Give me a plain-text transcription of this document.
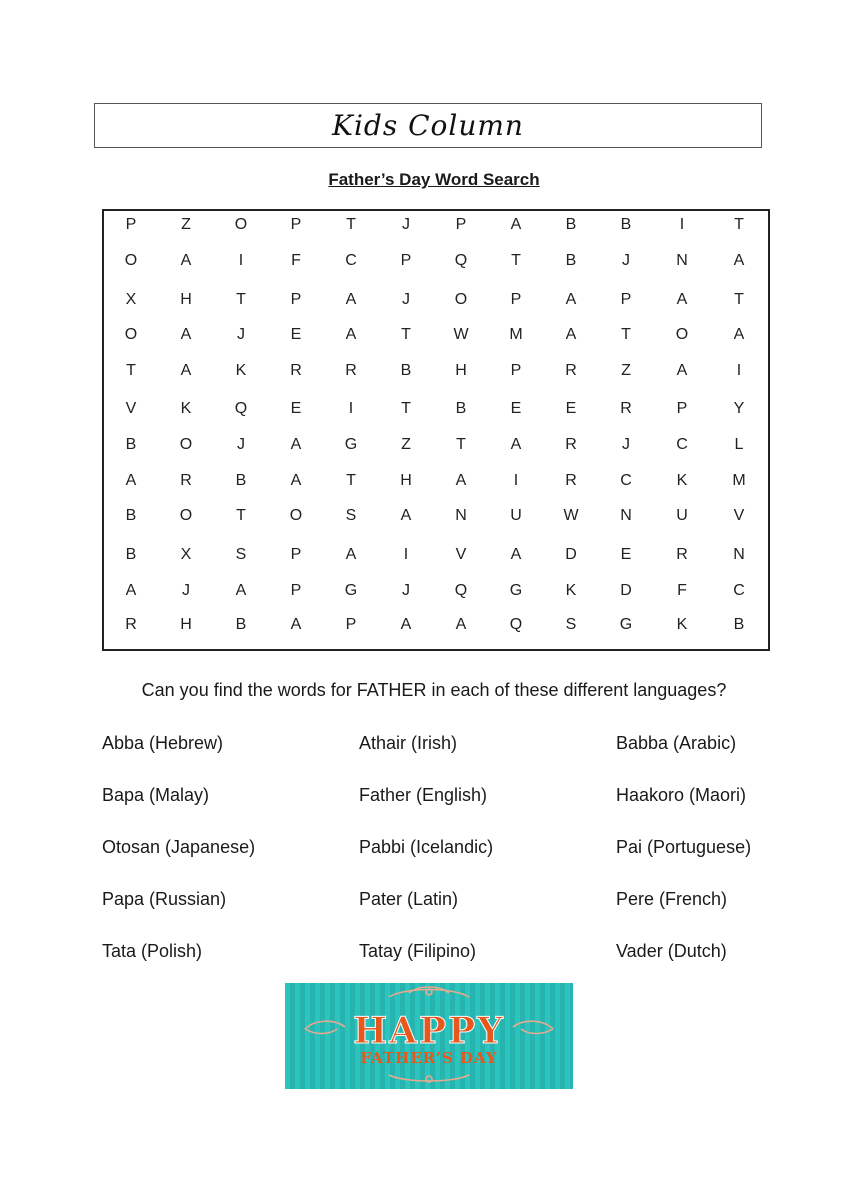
Kids Column
Father’s Day Word Search
P	Z	O	P	T	J	P	A	B	B	I	T
O	A	I	F	C	P	Q	T	B	J	N	A
X	H	T	P	A	J	O	P	A	P	A	T
O	A	J	E	A	T	W	M	A	T	O	A
T	A	K	R	R	B	H	P	R	Z	A	I
V	K	Q	E	I	T	B	E	E	R	P	Y
B	O	J	A	G	Z	T	A	R	J	C	L
A	R	B	A	T	H	A	I	R	C	K	M
B	O	T	O	S	A	N	U	W	N	U	V
B	X	S	P	A	I	V	A	D	E	R	N
A	J	A	P	G	J	Q	G	K	D	F	C
R	H	B	A	P	A	A	Q	S	G	K	B
Can you find the words for FATHER in each of these different languages?
Abba (Hebrew)	Athair (Irish)	Babba (Arabic)
Bapa (Malay)	Father (English)	Haakoro (Maori)
Otosan (Japanese)	Pabbi (Icelandic)	Pai (Portuguese)
Papa (Russian)	Pater (Latin)	Pere (French)
Tata (Polish)	Tatay (Filipino)	Vader (Dutch)
HAPPY
FATHER’S DAY
